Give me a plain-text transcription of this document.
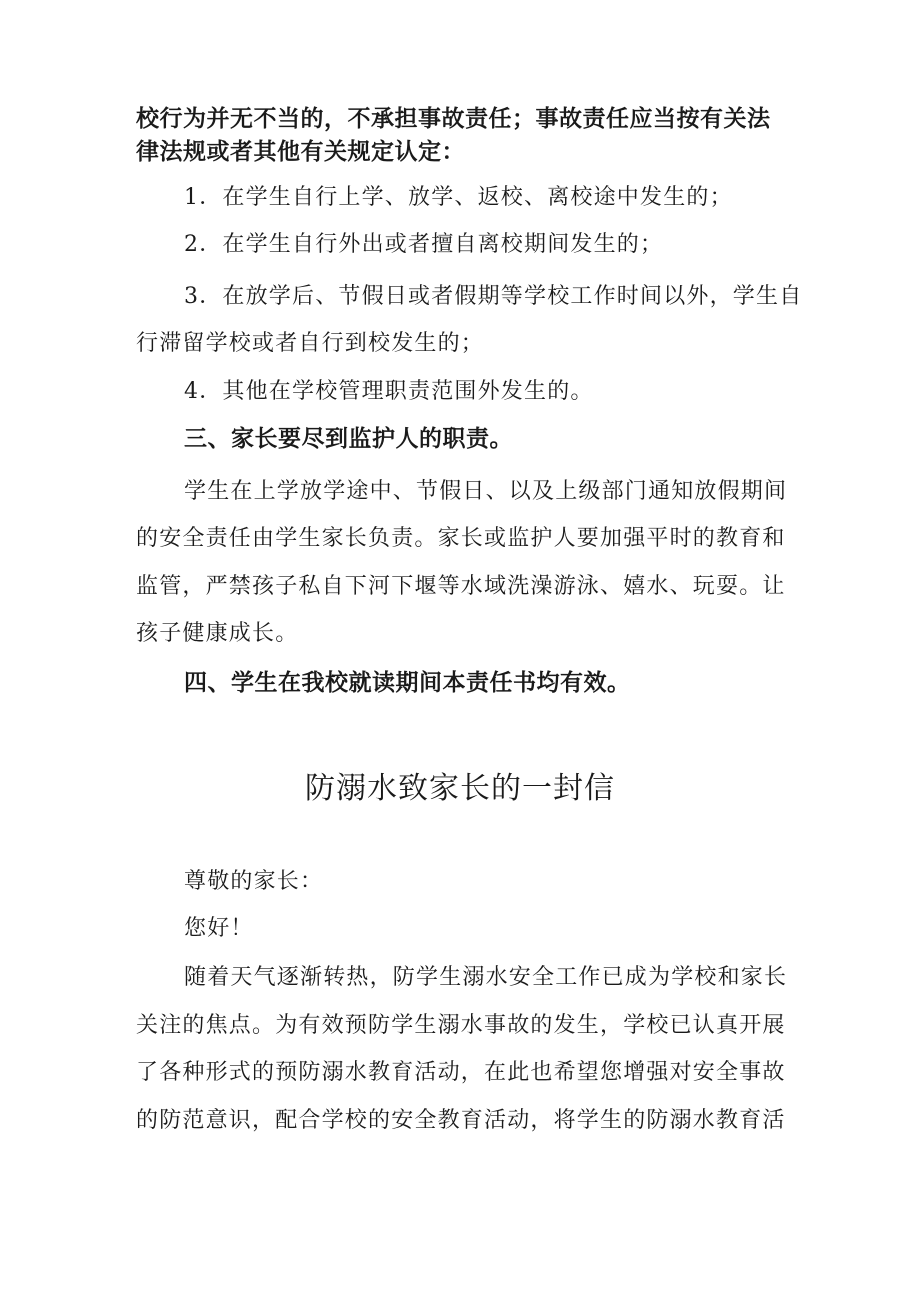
校行为并无不当的，不承担事故责任；事故责任应当按有关法
律法规或者其他有关规定认定：
1．在学生自行上学、放学、返校、离校途中发生的；
2．在学生自行外出或者擅自离校期间发生的；
3．在放学后、节假日或者假期等学校工作时间以外，学生自
行滞留学校或者自行到校发生的；
4．其他在学校管理职责范围外发生的。
三、家长要尽到监护人的职责。
学生在上学放学途中、节假日、以及上级部门通知放假期间
的安全责任由学生家长负责。家长或监护人要加强平时的教育和
监管，严禁孩子私自下河下堰等水域洗澡游泳、嬉水、玩耍。让
孩子健康成长。
四、学生在我校就读期间本责任书均有效。
防溺水致家长的一封信
尊敬的家长：
您好！
随着天气逐渐转热，防学生溺水安全工作已成为学校和家长
关注的焦点。为有效预防学生溺水事故的发生，学校已认真开展
了各种形式的预防溺水教育活动，在此也希望您增强对安全事故
的防范意识，配合学校的安全教育活动，将学生的防溺水教育活
